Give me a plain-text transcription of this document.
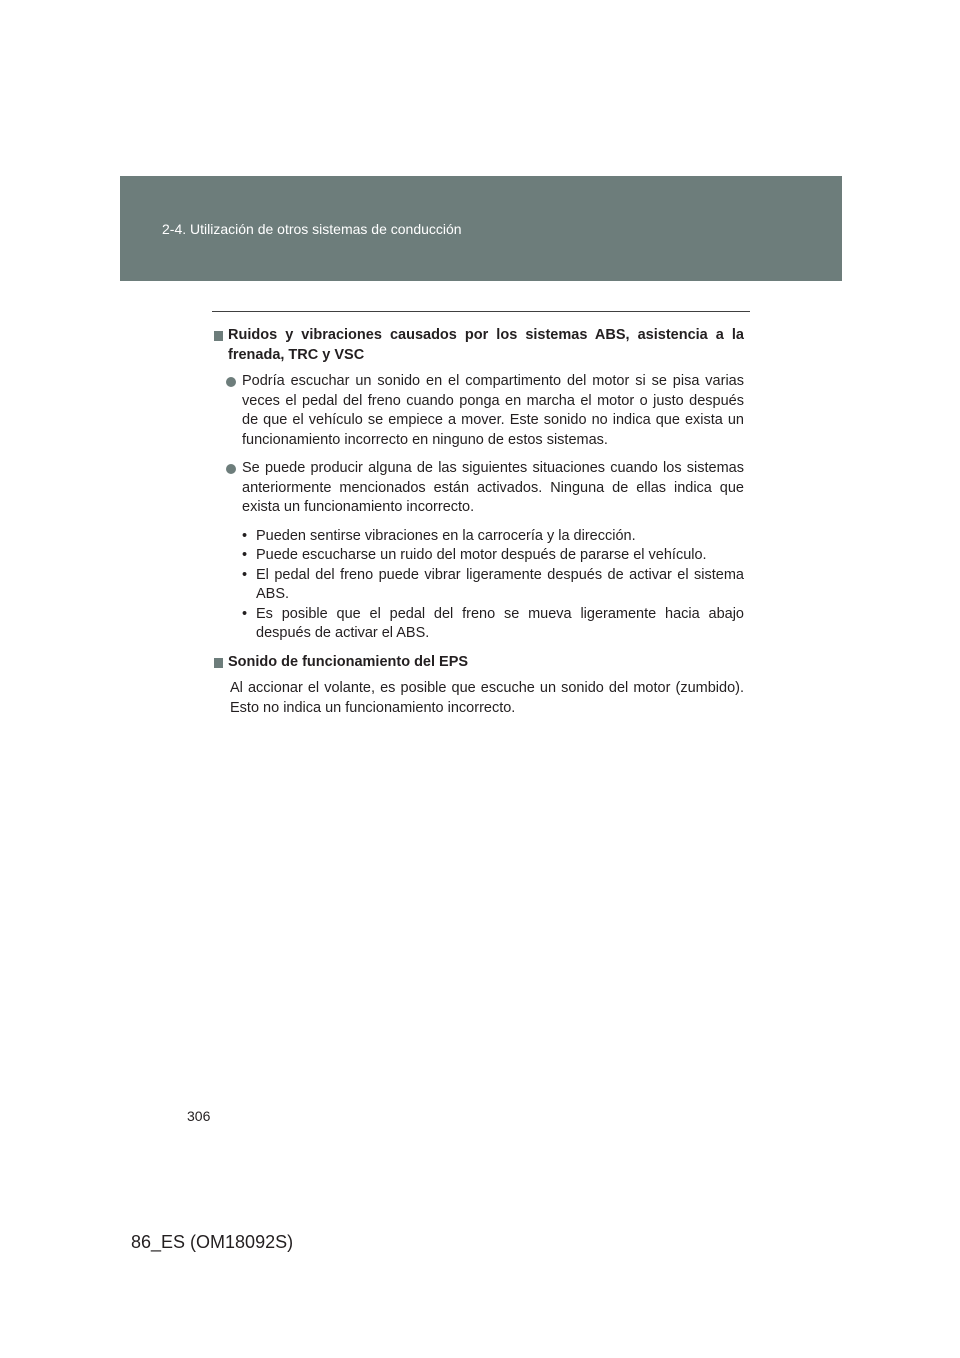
2-4. Utilización de otros sistemas de conducción
Ruidos y vibraciones causados por los sistemas ABS, asistencia a la frenada, TRC y VSC
Podría escuchar un sonido en el compartimento del motor si se pisa varias veces el pedal del freno cuando ponga en marcha el motor o justo después de que el vehículo se empiece a mover. Este sonido no indica que exista un funcionamiento incorrecto en ninguno de estos sistemas.
Se puede producir alguna de las siguientes situaciones cuando los sistemas anteriormente mencionados están activados. Ninguna de ellas indica que exista un funcionamiento incorrecto.
• Pueden sentirse vibraciones en la carrocería y la dirección.
• Puede escucharse un ruido del motor después de pararse el vehículo.
• El pedal del freno puede vibrar ligeramente después de activar el sistema ABS.
• Es posible que el pedal del freno se mueva ligeramente hacia abajo después de activar el ABS.
Sonido de funcionamiento del EPS
Al accionar el volante, es posible que escuche un sonido del motor (zumbido). Esto no indica un funcionamiento incorrecto.
306
86_ES (OM18092S)
